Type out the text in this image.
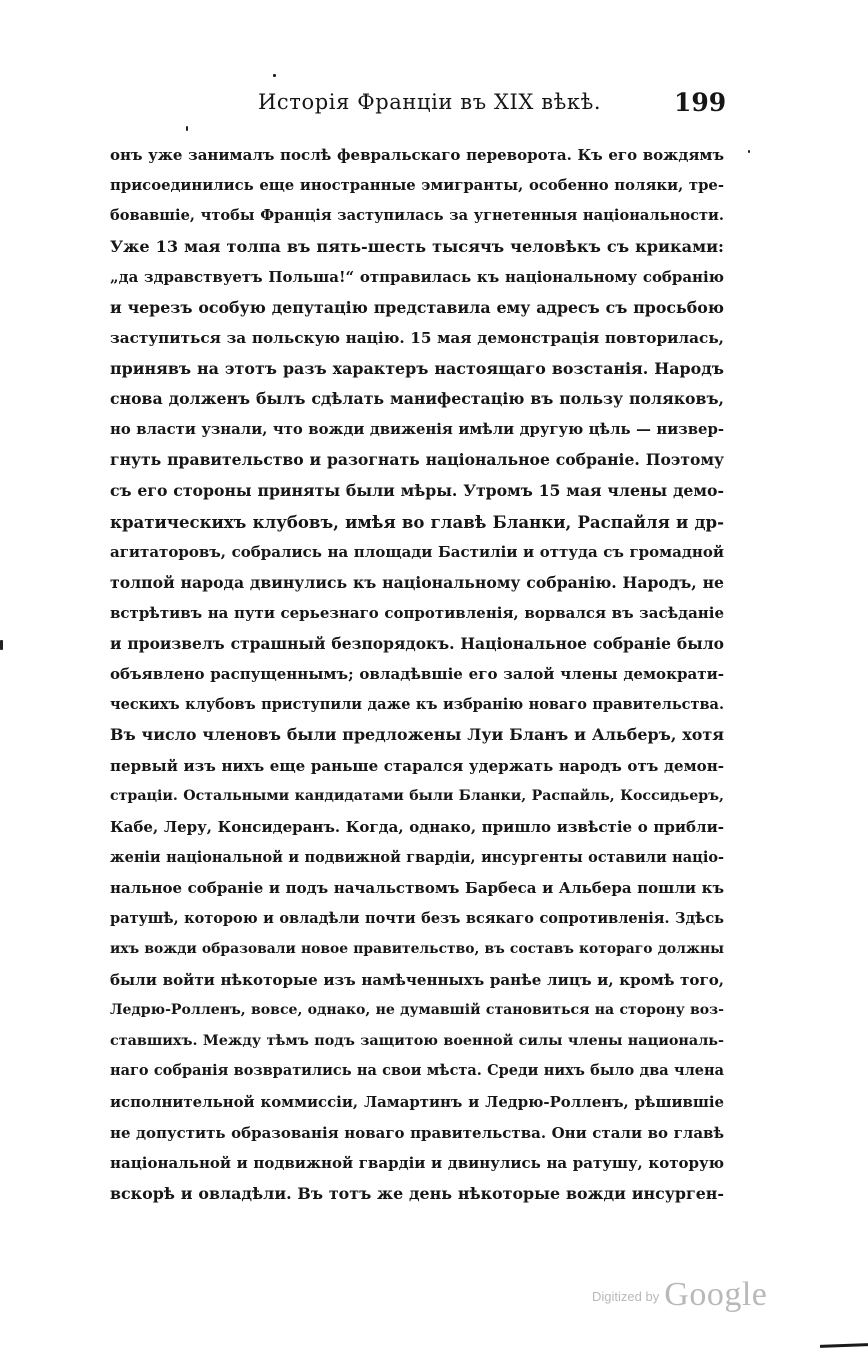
Исторія Франціи въ XIX вѣкѣ.	199
онъ уже занималъ послѣ февральскаго переворота. Къ его вождямъ
присоединились еще иностранные эмигранты, особенно поляки, тре-
бовавшіе, чтобы Франція заступилась за угнетенныя національности.
Уже 13 мая толпа въ пять-шесть тысячъ человѣкъ съ криками:
„да здравствуетъ Польша!“ отправилась къ національному собранію
и черезъ особую депутацію представила ему адресъ съ просьбою
заступиться за польскую націю. 15 мая демонстрація повторилась,
принявъ на этотъ разъ характеръ настоящаго возстанія. Народъ
снова долженъ былъ сдѣлать манифестацію въ пользу поляковъ,
но власти узнали, что вожди движенія имѣли другую цѣль — низвер-
гнуть правительство и разогнать національное собраніе. Поэтому
съ его стороны приняты были мѣры. Утромъ 15 мая члены демо-
кратическихъ клубовъ, имѣя во главѣ Бланки, Распайля и др-
агитаторовъ, собрались на площади Бастиліи и оттуда съ громадной
толпой народа двинулись къ національному собранію. Народъ, не
встрѣтивъ на пути серьезнаго сопротивленія, ворвался въ засѣданіе
и произвелъ страшный безпорядокъ. Національное собраніе было
объявлено распущеннымъ; овладѣвшіе его залой члены демократи-
ческихъ клубовъ приступили даже къ избранію новаго правительства.
Въ число членовъ были предложены Луи Бланъ и Альберъ, хотя
первый изъ нихъ еще раньше старался удержать народъ отъ демон-
страціи. Остальными кандидатами были Бланки, Распайль, Коссидьеръ,
Кабе, Леру, Консидеранъ. Когда, однако, пришло извѣстіе о прибли-
женіи національной и подвижной гвардіи, инсургенты оставили націо-
нальное собраніе и подъ начальствомъ Барбеса и Альбера пошли къ
ратушѣ, которою и овладѣли почти безъ всякаго сопротивленія. Здѣсь
ихъ вожди образовали новое правительство, въ составъ котораго должны
были войти нѣкоторые изъ намѣченныхъ ранѣе лицъ и, кромѣ того,
Ледрю-Ролленъ, вовсе, однако, не думавшій становиться на сторону воз-
ставшихъ. Между тѣмъ подъ защитою военной силы члены националь-
наго собранія возвратились на свои мѣста. Среди нихъ было два члена
исполнительной коммиссіи, Ламартинъ и Ледрю-Ролленъ, рѣшившіе
не допустить образованія новаго правительства. Они стали во главѣ
національной и подвижной гвардіи и двинулись на ратушу, которую
вскорѣ и овладѣли. Въ тотъ же день нѣкоторые вожди инсурген-
$^{Digitized by}$ Google
